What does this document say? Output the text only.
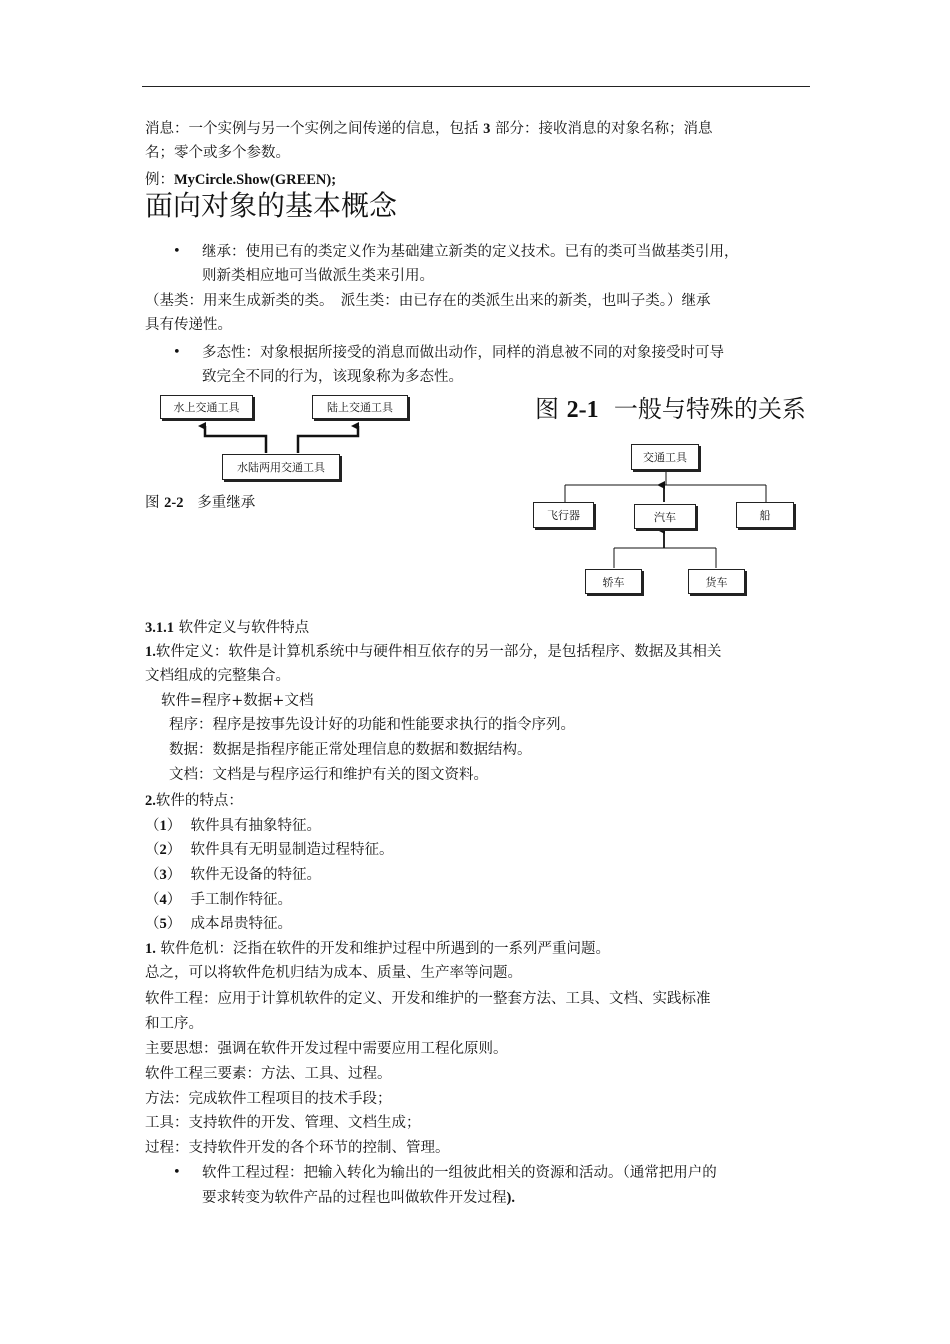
消息：一个实例与另一个实例之间传递的信息，包括 3 部分：接收消息的对象名称；消息

名；零个或多个参数。

例：MyCircle.Show(GREEN);

面向对象的基本概念
• 继承：使用已有的类定义作为基础建立新类的定义技术。已有的类可当做基类引用，

则新类相应地可当做派生类来引用。

（基类：用来生成新类的类。　派生类：由已存在的类派生出来的新类，也叫子类。）继承

具有传递性。

• 多态性：对象根据所接受的消息而做出动作，同样的消息被不同的对象接受时可导

致完全不同的行为，该现象称为多态性。

水上交通工具	陆上交通工具
水陆两用交通工具
图 2-2 多重继承
图 2-1 一般与特殊的关系
交通工具
飞行器	汽车	船
轿车	货车

3.1.1 软件定义与软件特点

1.软件定义：软件是计算机系统中与硬件相互依存的另一部分，是包括程序、数据及其相关

文档组成的完整集合。

软件=程序+数据+文档

程序：程序是按事先设计好的功能和性能要求执行的指令序列。

数据：数据是指程序能正常处理信息的数据和数据结构。

文档：文档是与程序运行和维护有关的图文资料。

2.软件的特点：

（1）  软件具有抽象特征。

（2）  软件具有无明显制造过程特征。

（3）  软件无设备的特征。

（4）  手工制作特征。

（5）  成本昂贵特征。

1. 软件危机：泛指在软件的开发和维护过程中所遇到的一系列严重问题。

总之，可以将软件危机归结为成本、质量、生产率等问题。

软件工程：应用于计算机软件的定义、开发和维护的一整套方法、工具、文档、实践标准

和工序。

主要思想：强调在软件开发过程中需要应用工程化原则。

软件工程三要素：方法、工具、过程。

方法：完成软件工程项目的技术手段；

工具：支持软件的开发、管理、文档生成；

过程：支持软件开发的各个环节的控制、管理。

• 软件工程过程：把输入转化为输出的一组彼此相关的资源和活动。（通常把用户的

要求转变为软件产品的过程也叫做软件开发过程).
